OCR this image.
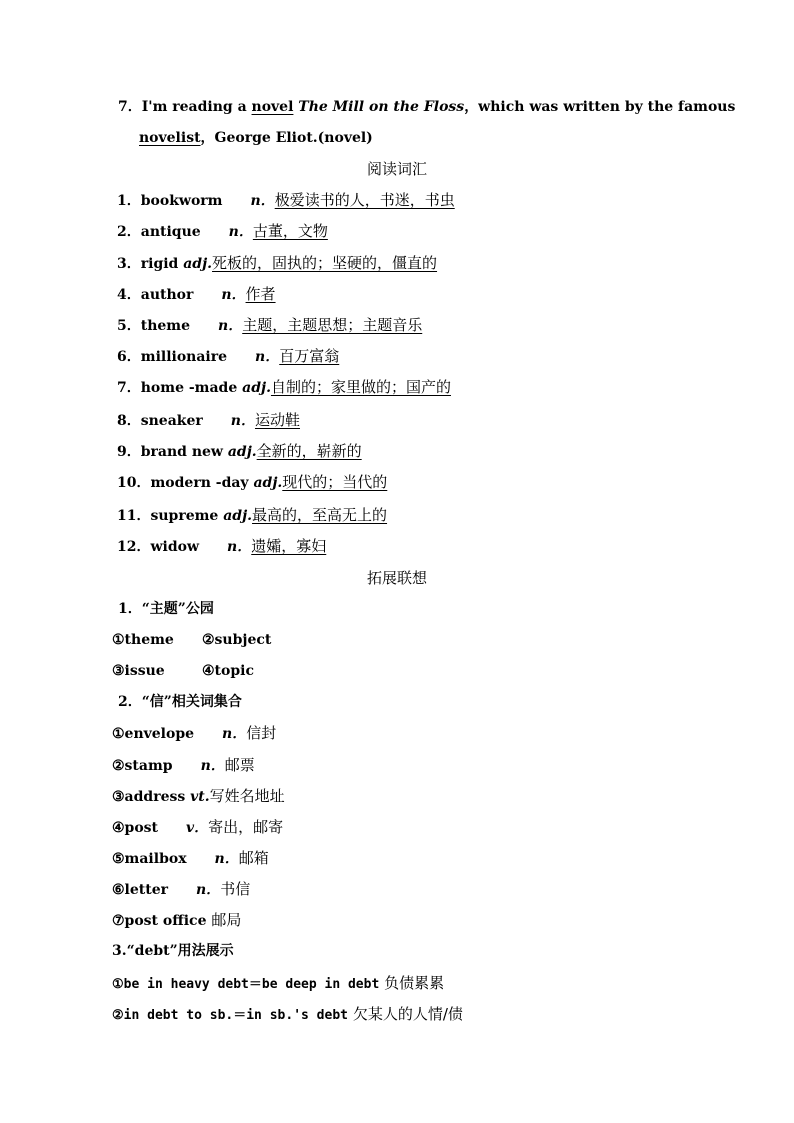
7．I'm reading a novel The Mill on the Floss，which was written by the famous
novelist，George Eliot.(novel)
阅读词汇
1．bookworm n．极爱读书的人，书迷，书虫
2．antique n．古董，文物
3．rigid adj.死板的，固执的；坚硬的，僵直的
4．author n．作者
5．theme n．主题，主题思想；主题音乐
6．millionaire n．百万富翁
7．home -made adj.自制的；家里做的；国产的
8．sneaker n．运动鞋
9．brand new adj.全新的，崭新的
10．modern -day adj.现代的；当代的
11．supreme adj.最高的，至高无上的
12．widow n．遗孀，寡妇
拓展联想
1．“主题”公园
①theme ②subject
③issue	④topic
2．“信”相关词集合
①envelope n．信封
②stamp n．邮票
③address vt.写姓名地址
④post v．寄出，邮寄
⑤mailbox n．邮箱
⑥letter n．书信
⑦post office 邮局
3.“debt”用法展示
①be in heavy debt＝be deep in debt 负债累累
②in debt to sb.＝in sb.'s debt 欠某人的人情/债
